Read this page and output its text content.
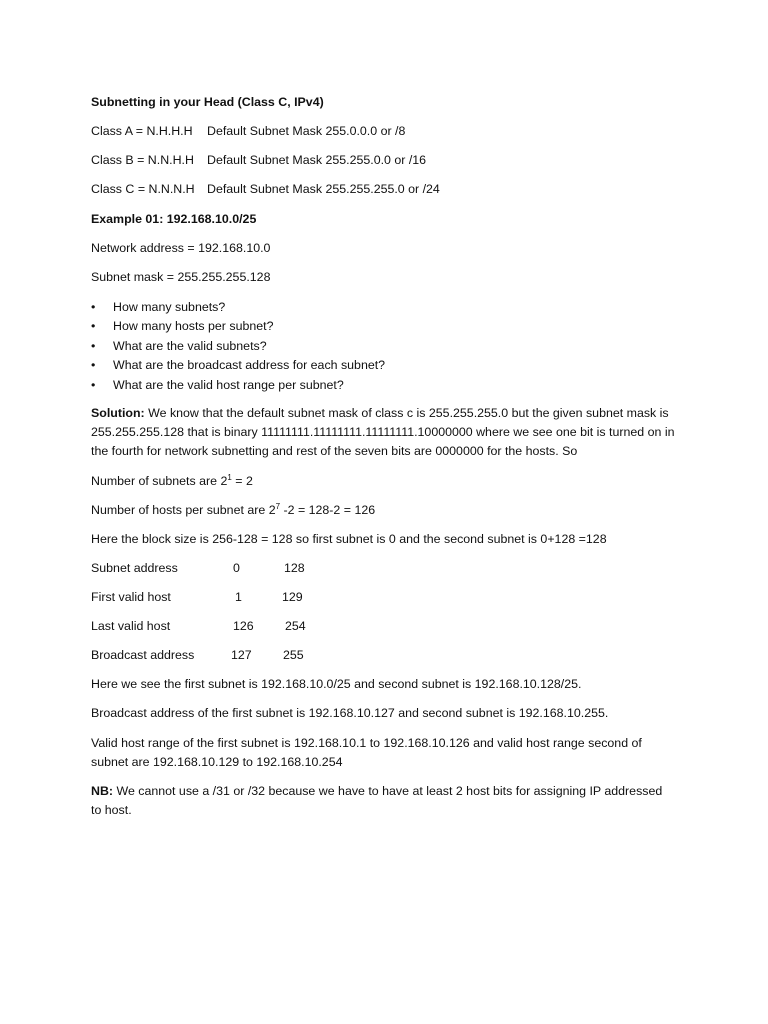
Subnetting in your Head (Class C, IPv4)
Class A = N.H.H.H Default Subnet Mask 255.0.0.0 or /8
Class B = N.N.H.H Default Subnet Mask 255.255.0.0 or /16
Class C = N.N.N.H Default Subnet Mask 255.255.255.0 or /24
Example 01: 192.168.10.0/25
Network address = 192.168.10.0
Subnet mask = 255.255.255.128
• How many subnets?
• How many hosts per subnet?
• What are the valid subnets?
• What are the broadcast address for each subnet?
• What are the valid host range per subnet?
Solution: We know that the default subnet mask of class c is 255.255.255.0 but the given subnet mask is 255.255.255.128 that is binary 11111111.11111111.11111111.10000000 where we see one bit is turned on in the fourth for network subnetting and rest of the seven bits are 0000000 for the hosts. So
Number of subnets are $2^1 = 2$
Number of hosts per subnet are $2^7$ -2 = 128-2 = 126
Here the block size is 256-128 = 128 so first subnet is 0 and the second subnet is 0+128 =128
Subnet address	0	128
First valid host	1	129
Last valid host	126	254
Broadcast address	127	255
Here we see the first subnet is 192.168.10.0/25 and second subnet is 192.168.10.128/25.
Broadcast address of the first subnet is 192.168.10.127 and second subnet is 192.168.10.255.
Valid host range of the first subnet is 192.168.10.1 to 192.168.10.126 and valid host range second of subnet are 192.168.10.129 to 192.168.10.254
NB: We cannot use a /31 or /32 because we have to have at least 2 host bits for assigning IP addressed to host.
